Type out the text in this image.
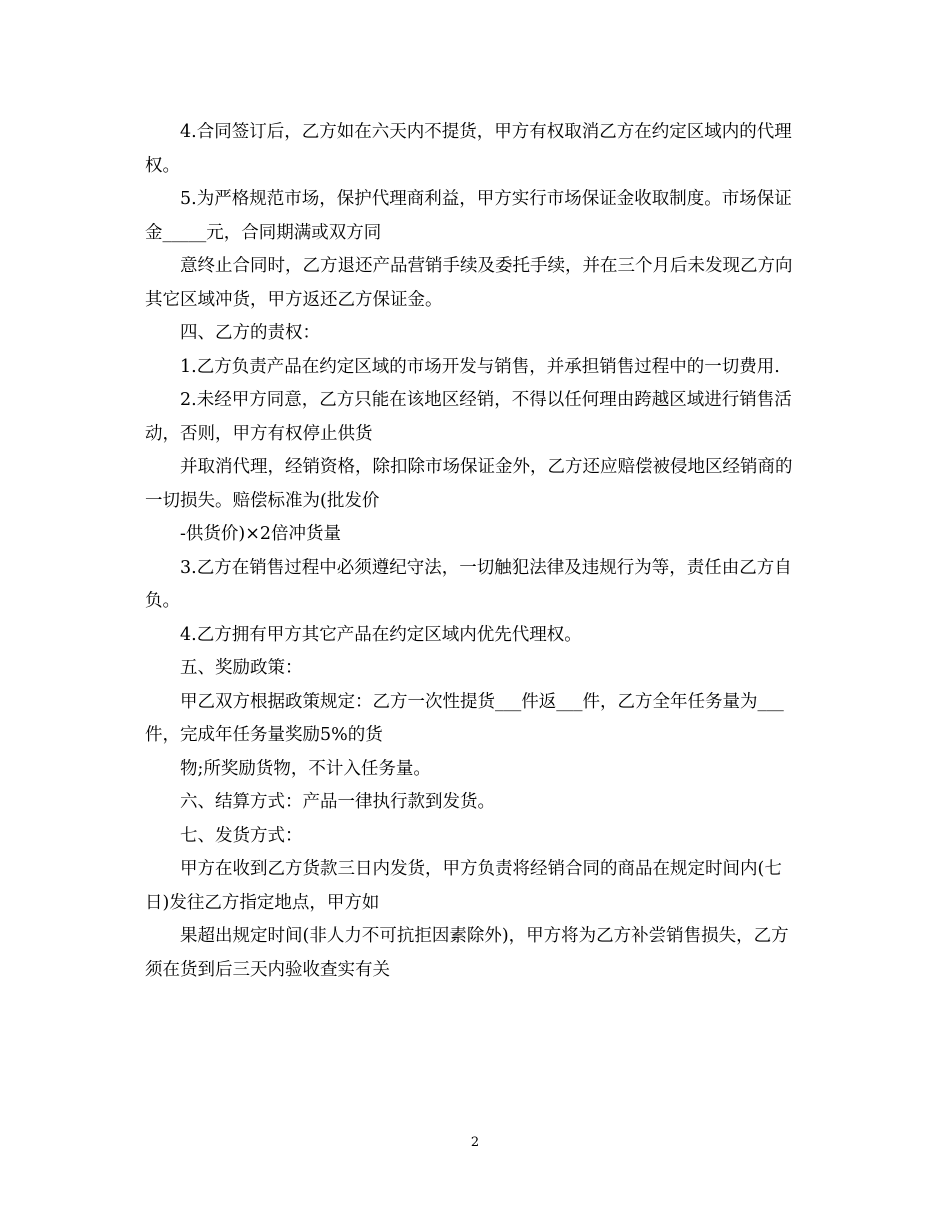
4.合同签订后，乙方如在六天内不提货，甲方有权取消乙方在约定区域内的代理权。

5.为严格规范市场，保护代理商利益，甲方实行市场保证金收取制度。市场保证金_____元，合同期满或双方同

意终止合同时，乙方退还产品营销手续及委托手续，并在三个月后未发现乙方向其它区域冲货，甲方返还乙方保证金。

四、乙方的责权：

1.乙方负责产品在约定区域的市场开发与销售，并承担销售过程中的一切费用.

2.未经甲方同意，乙方只能在该地区经销，不得以任何理由跨越区域进行销售活动，否则，甲方有权停止供货

并取消代理，经销资格，除扣除市场保证金外，乙方还应赔偿被侵地区经销商的一切损失。赔偿标准为(批发价

-供货价)×2倍冲货量

3.乙方在销售过程中必须遵纪守法，一切触犯法律及违规行为等，责任由乙方自负。

4.乙方拥有甲方其它产品在约定区域内优先代理权。

五、奖励政策：

甲乙双方根据政策规定：乙方一次性提货___件返___件，乙方全年任务量为___件，完成年任务量奖励5%的货

物;所奖励货物，不计入任务量。

六、结算方式：产品一律执行款到发货。

七、发货方式：

甲方在收到乙方货款三日内发货，甲方负责将经销合同的商品在规定时间内(七日)发往乙方指定地点，甲方如

果超出规定时间(非人力不可抗拒因素除外)，甲方将为乙方补尝销售损失，乙方须在货到后三天内验收查实有关

2
